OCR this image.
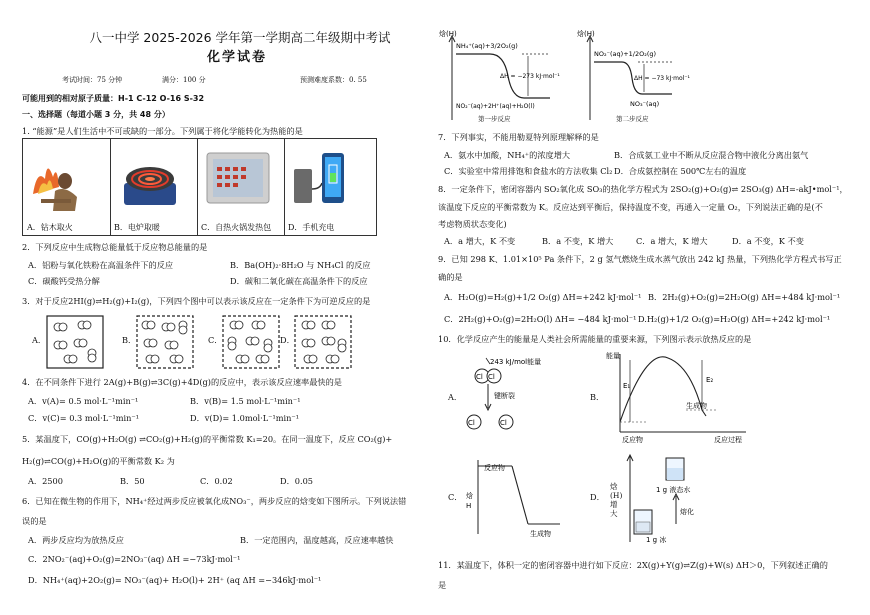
八一中学 2025-2026 学年第一学期高二年级期中考试
化学试卷
考试时间：75 分钟	满分：100 分	预测难度系数：0. 55
可能用到的相对原子质量：H-1 C-12 O-16 S-32
一、选择题（每道小题 3 分，共 48 分）
1. “能源”是人们生活中不可或缺的一部分。下列属于将化学能转化为热能的是
A．钻木取火	B．电炉取暖	C．自热火锅发热包 D．手机充电
2．下列反应中生成物总能量低于反应物总能量的是
A．铝粉与氧化铁粉在高温条件下的反应	B．Ba(OH)₂·8H₂O 与 NH₄Cl 的反应
C．碳酸钙受热分解	D．碳和二氧化碳在高温条件下的反应
3．对于反应2HI(g)⇌H₂(g)+I₂(g)，下列四个图中可以表示该反应在一定条件下为可逆反应的是
A．	B．	C．	D．
4．在不同条件下进行 2A(g)+B(g)⇌3C(g)+4D(g)的反应中，表示该反应速率最快的是
A．v(A)= 0.5 mol·L⁻¹min⁻¹	B．v(B)= 1.5 mol·L⁻¹min⁻¹
C．v(C)= 0.3 mol·L⁻¹min⁻¹	D．v(D)= 1.0mol·L⁻¹min⁻¹
5．某温度下，CO(g)+H₂O(g) ⇌CO₂(g)+H₂(g)的平衡常数 K₁=20。在同一温度下，反应 CO₂(g)+
H₂(g)⇌CO(g)+H₂O(g)的平衡常数 K₂ 为
A．2500	B．50	C．0.02	D．0.05
6．已知在微生物的作用下，NH₄⁺经过两步反应被氧化成NO₃⁻，两步反应的焓变如下图所示。下列说法错
误的是
A．两步反应均为放热反应	B．一定范围内，温度越高，反应速率越快
C．2NO₂⁻(aq)+O₂(g)=2NO₃⁻(aq) ΔH =−73kJ·mol⁻¹
D．NH₄⁺(aq)+2O₂(g)= NO₃⁻(aq)+ H₂O(l)+ 2H⁺ (aq ΔH =−346kJ·mol⁻¹
焓(H)
NH₄⁺(aq)+3/2O₂(g)
ΔH = −273 kJ·mol⁻¹
NO₂⁻(aq)+2H⁺(aq)+H₂O(l)
第一步反应
焓(H)
NO₂⁻(aq)+1/2O₂(g)
ΔH = −73 kJ·mol⁻¹
NO₃⁻(aq)
第二步反应
7．下列事实，不能用勒夏特列原理解释的是
A．氨水中加酸，NH₄⁺的浓度增大	B．合成氨工业中不断从反应混合物中液化分离出氨气
C．实验室中常用排饱和食盐水的方法收集 Cl₂ D．合成氨控制在 500℃左右的温度
8．一定条件下，密闭容器内 SO₂氧化成 SO₃的热化学方程式为 2SO₂(g)+O₂(g)⇌ 2SO₃(g) ΔH=-akJ•mol⁻¹，
该温度下反应的平衡常数为 K。反应达到平衡后，保持温度不变，再通入一定量 O₂，下列说法正确的是(不
考虑物质状态变化)
A．a 增大，K 不变	B．a 不变，K 增大	C．a 增大，K 增大	D．a 不变，K 不变
9．已知 298 K、1.01×10⁵ Pa 条件下，2 g 氢气燃烧生成水蒸气放出 242 kJ 热量，下列热化学方程式书写正
确的是
A．H₂O(g)=H₂(g)+1/2 O₂(g) ΔH=+242 kJ·mol⁻¹ B．2H₂(g)+O₂(g)=2H₂O(g) ΔH=+484 kJ·mol⁻¹
C．2H₂(g)+O₂(g)=2H₂O(l) ΔH= −484 kJ·mol⁻¹ D.H₂(g)+1/2 O₂(g)=H₂O(g) ΔH=+242 kJ·mol⁻¹
10．化学反应产生的能量是人类社会所需能量的重要来源，下列图示表示放热反应的是
A．
243 kJ/mol能量
Cl Cl
键断裂
Cl	Cl
B．
能量
E₁
E₂
反应物
生成物
反应过程
C． 焓
H
反应物
生成物
D．
焓
(H)
增
大
1 g 液态水
熔化
1 g 冰
11．某温度下，体积一定的密闭容器中进行如下反应：2X(g)+Y(g)⇌Z(g)+W(s) ΔH＞0，下列叙述正确的
是
